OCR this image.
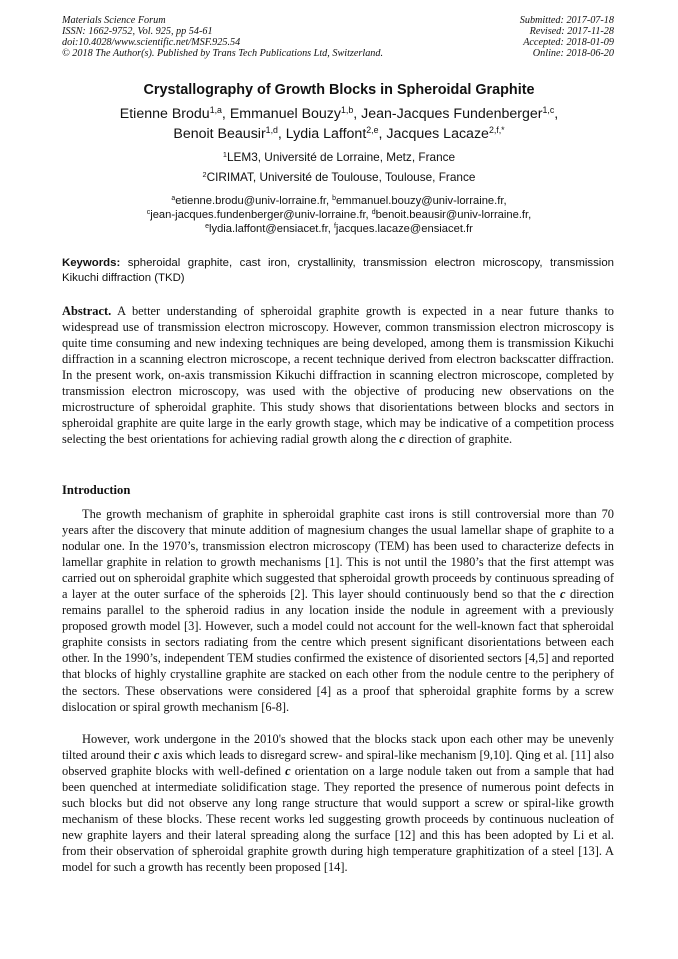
Materials Science Forum
ISSN: 1662-9752, Vol. 925, pp 54-61
doi:10.4028/www.scientific.net/MSF.925.54
© 2018 The Author(s). Published by Trans Tech Publications Ltd, Switzerland.
Submitted: 2017-07-18
Revised: 2017-11-28
Accepted: 2018-01-09
Online: 2018-06-20
Crystallography of Growth Blocks in Spheroidal Graphite
Etienne Brodu$^{1,a}$, Emmanuel Bouzy$^{1,b}$, Jean-Jacques Fundenberger$^{1,c}$,
Benoit Beausir$^{1,d}$, Lydia Laffont$^{2,e}$, Jacques Lacaze$^{2,f,*}$
$^1$LEM3, Université de Lorraine, Metz, France
$^2$CIRIMAT, Université de Toulouse, Toulouse, France
$^a$etienne.brodu@univ-lorraine.fr, $^b$emmanuel.bouzy@univ-lorraine.fr,
$^c$jean-jacques.fundenberger@univ-lorraine.fr, $^d$benoit.beausir@univ-lorraine.fr,
$^e$lydia.laffont@ensiacet.fr, $^f$jacques.lacaze@ensiacet.fr
Keywords: spheroidal graphite, cast iron, crystallinity, transmission electron microscopy, transmission Kikuchi diffraction (TKD)

Abstract. A better understanding of spheroidal graphite growth is expected in a near future thanks to widespread use of transmission electron microscopy. However, common transmission electron microscopy is quite time consuming and new indexing techniques are being developed, among them is transmission Kikuchi diffraction in a scanning electron microscope, a recent technique derived from electron backscatter diffraction. In the present work, on-axis transmission Kikuchi diffraction in scanning electron microscope, completed by transmission electron microscopy, was used with the objective of producing new observations on the microstructure of spheroidal graphite. This study shows that disorientations between blocks and sectors in spheroidal graphite are quite large in the early growth stage, which may be indicative of a competition process selecting the best orientations for achieving radial growth along the c direction of graphite.

Introduction

The growth mechanism of graphite in spheroidal graphite cast irons is still controversial more than 70 years after the discovery that minute addition of magnesium changes the usual lamellar shape of graphite to a nodular one. In the 1970’s, transmission electron microscopy (TEM) has been used to characterize defects in lamellar graphite in relation to growth mechanisms [1]. This is not until the 1980’s that the first attempt was carried out on spheroidal graphite which suggested that spheroidal growth proceeds by continuous spreading of a layer at the outer surface of the spheroids [2]. This layer should continuously bend so that the c direction remains parallel to the spheroid radius in any location inside the nodule in agreement with a previously proposed growth model [3]. However, such a model could not account for the well-known fact that spheroidal graphite consists in sectors radiating from the centre which present significant disorientations between each other. In the 1990’s, independent TEM studies confirmed the existence of disoriented sectors [4,5] and reported that blocks of highly crystalline graphite are stacked on each other from the nodule centre to the periphery of the sectors. These observations were considered [4] as a proof that spheroidal graphite forms by a screw dislocation or spiral growth mechanism [6-8].

However, work undergone in the 2010's showed that the blocks stack upon each other may be unevenly tilted around their c axis which leads to disregard screw- and spiral-like mechanism [9,10]. Qing et al. [11] also observed graphite blocks with well-defined c orientation on a large nodule taken out from a sample that had been quenched at intermediate solidification stage. They reported the presence of numerous point defects in such blocks but did not observe any long range structure that would support a screw or spiral-like growth mechanism of these blocks. These recent works led suggesting growth proceeds by continuous nucleation of new graphite layers and their lateral spreading along the surface [12] and this has been adopted by Li et al. from their observation of spheroidal graphite growth during high temperature graphitization of a steel [13]. A model for such a growth has recently been proposed [14].
